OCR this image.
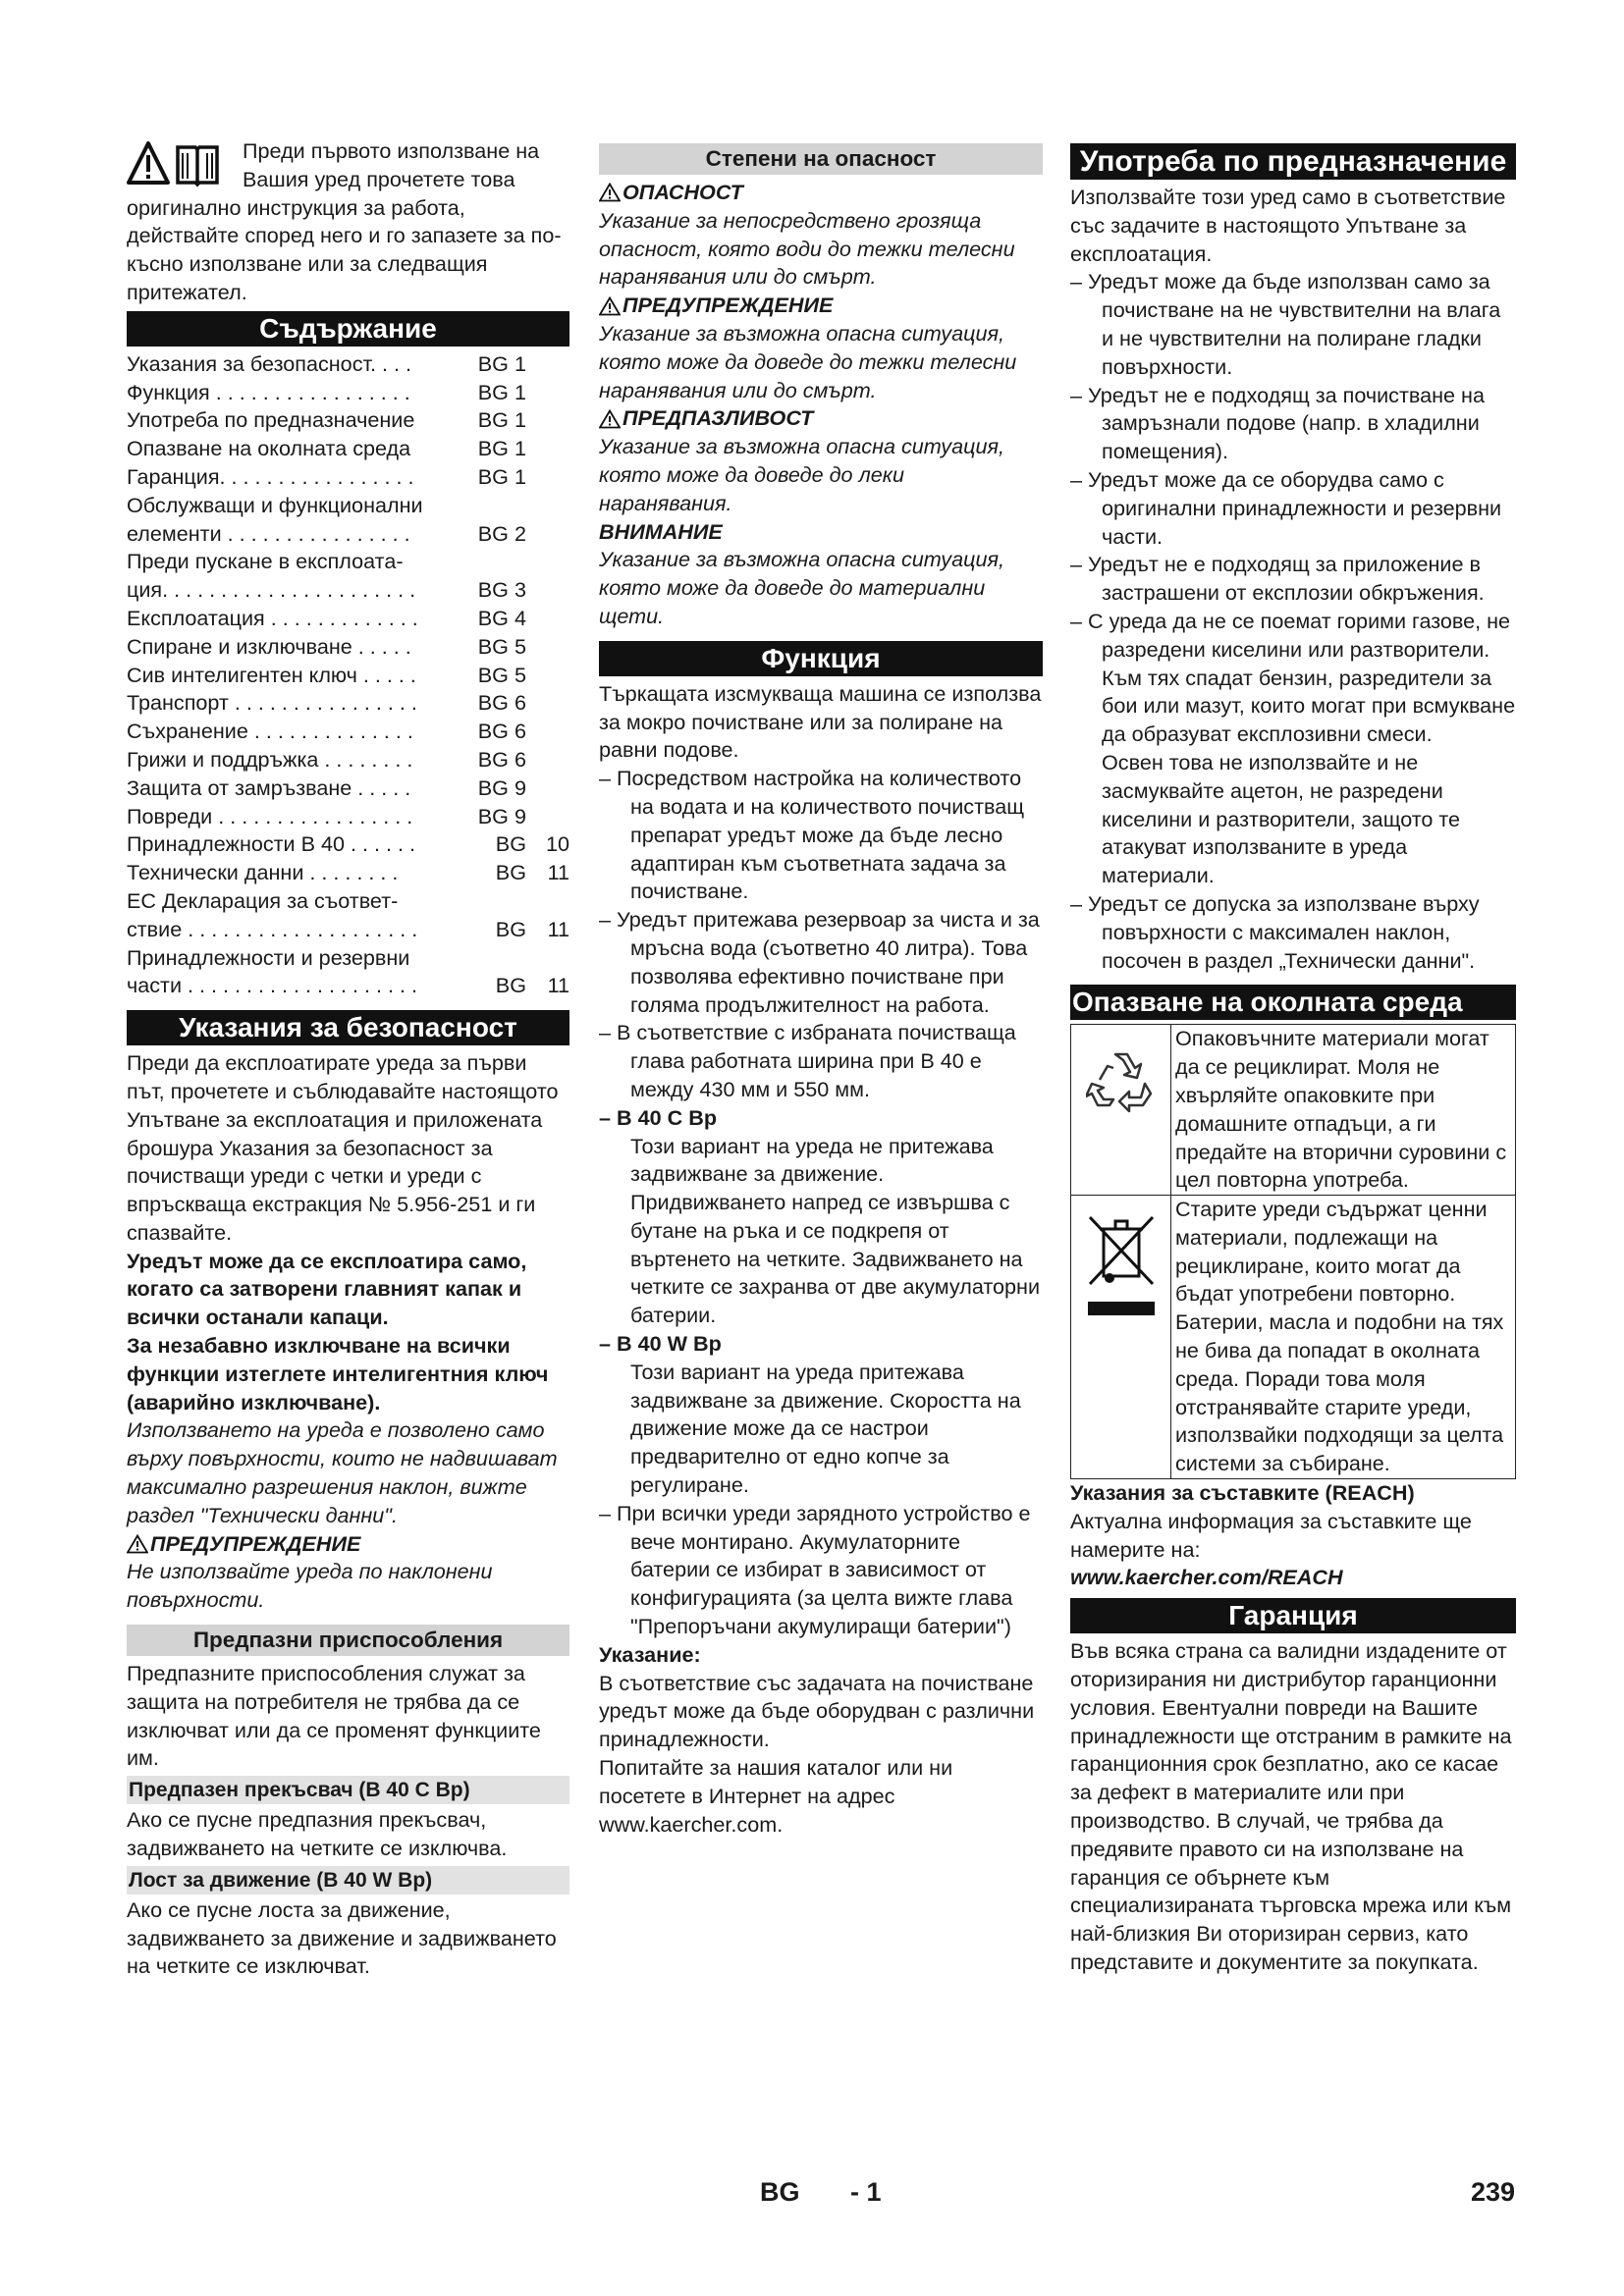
Преди първото използване на Вашия уред прочетете това оригинално инструкция за работа, действайте според него и го запазете за по-късно използване или за следващия притежател.

Съдържание
Указания за безопасност. . . .	BG 1
Функция . . . . . . . . . . . . . . . . .	BG 1
Употреба по предназначение	BG 1
Опазване на околната среда	BG 1
Гаранция. . . . . . . . . . . . . . . . .	BG 1
Обслужващи и функционални
елементи . . . . . . . . . . . . . . . .	BG 2
Преди пускане в експлоата-
ция. . . . . . . . . . . . . . . . . . . . . .	BG 3
Експлоатация . . . . . . . . . . . . .	BG 4
Спиране и изключване . . . . .	BG 5
Сив интелигентен ключ . . . . .	BG 5
Транспорт . . . . . . . . . . . . . . . .	BG 6
Съхранение . . . . . . . . . . . . . .	BG 6
Грижи и поддръжка . . . . . . . .	BG 6
Защита от замръзване . . . . .	BG 9
Повреди . . . . . . . . . . . . . . . . .	BG 9
Принадлежности В 40 . . . . . .	BG 10
Технически данни . . . . . . . .	BG 11
ЕС Декларация за съответ-
ствие . . . . . . . . . . . . . . . . . . . .	BG 11
Принадлежности и резервни
части . . . . . . . . . . . . . . . . . . . .	BG 11
Указания за безопасност

Преди да експлоатирате уреда за първи път, прочетете и съблюдавайте настоящото Упътване за експлоатация и приложената брошура Указания за безопасност за почистващи уреди с четки и уреди с впръскваща екстракция № 5.956-251 и ги спазвайте.

Уредът може да се експлоатира само, когато са затворени главният капак и всички останали капаци.

За незабавно изключване на всички функции изтеглете интелигентния ключ (аварийно изключване).

Използването на уреда е позволено само върху повърхности, които не надвишават максимално разрешения наклон, вижте раздел "Технически данни".

ПРЕДУПРЕЖДЕНИЕ

Не използвайте уреда по наклонени повърхности.

Предпазни приспособления

Предпазните приспособления служат за защита на потребителя не трябва да се изключват или да се променят функциите им.

Предпазен прекъсвач (В 40 С Вр)

Ако се пусне предпазния прекъсвач, задвижването на четките се изключва.

Лост за движение (В 40 W Bp)

Ако се пусне лоста за движение, задвижването за движение и задвижването на четките се изключват.

Степени на опасност
ОПАСНОСТ

Указание за непосредствено грозяща опасност, която води до тежки телесни наранявания или до смърт.

ПРЕДУПРЕЖДЕНИЕ

Указание за възможна опасна ситуация, която може да доведе до тежки телесни наранявания или до смърт.

ПРЕДПАЗЛИВОСТ

Указание за възможна опасна ситуация, която може да доведе до леки наранявания.

ВНИМАНИЕ

Указание за възможна опасна ситуация, която може да доведе до материални щети.

Функция

Търкащата изсмукваща машина се използва за мокро почистване или за полиране на равни подове.

– Посредством настройка на количеството на водата и на количеството почистващ препарат уредът може да бъде лесно адаптиран към съответната задача за почистване.
– Уредът притежава резервоар за чиста и за мръсна вода (съответно 40 литра). Това позволява ефективно почистване при голяма продължителност на работа.
– В съответствие с избраната почистваща глава работната ширина при В 40 е между 430 мм и 550 мм.
– В 40 С Вр

Този вариант на уреда не притежава задвижване за движение. Придвижването напред се извършва с бутане на ръка и се подкрепя от въртенето на четките. Задвижването на четките се захранва от две акумулаторни батерии.

– В 40 W Bp

Този вариант на уреда притежава задвижване за движение. Скоростта на движение може да се настрои предварително от едно копче за регулиране.

– При всички уреди зарядното устройство е вече монтирано. Акумулаторните батерии се избират в зависимост от конфигурацията (за целта вижте глава "Препоръчани акумулиращи батерии")

Указание:

В съответствие със задачата на почистване уредът може да бъде оборудван с различни принадлежности.

Попитайте за нашия каталог или ни посетете в Интернет на адрес www.kaercher.com.

Употреба по предназначение

Използвайте този уред само в съответствие със задачите в настоящото Упътване за експлоатация.

– Уредът може да бъде използван само за почистване на не чувствителни на влага и не чувствителни на полиране гладки повърхности.
– Уредът не е подходящ за почистване на замръзнали подове (напр. в хладилни помещения).
– Уредът може да се оборудва само с оригинални принадлежности и резервни части.
– Уредът не е подходящ за приложение в застрашени от експлозии обкръжения.
– С уреда да не се поемат горими газове, не разредени киселини или разтворители.

Към тях спадат бензин, разредители за бои или мазут, които могат при всмукване да образуват експлозивни смеси.

Освен това не използвайте и не засмуквайте ацетон, не разредени киселини и разтворители, защото те атакуват използваните в уреда материали.

– Уредът се допуска за използване върху повърхности с максимален наклон, посочен в раздел „Технически данни".
Опазване на околната среда
	Опаковъчните материали могат да се рециклират. Моля не хвърляйте опаковките при домашните отпадъци, а ги предайте на вторични суровини с цел повторна употреба.
	Старите уреди съдържат ценни материали, подлежащи на рециклиране, които могат да бъдат употребени повторно. Батерии, масла и подобни на тях не бива да попадат в околната среда. Поради това моля отстранявайте старите уреди, използвайки подходящи за целта системи за събиране.

Указания за съставките (REACH)

Актуална информация за съставките ще намерите на:

www.kaercher.com/REACH

Гаранция

Във всяка страна са валидни издадените от оторизирания ни дистрибутор гаранционни условия. Евентуални повреди на Вашите принадлежности ще отстраним в рамките на гаранционния срок безплатно, ако се касае за дефект в материалите или при производство. В случай, че трябва да предявите правото си на използване на гаранция се обърнете към специализираната търговска мрежа или към най-близкия Ви оторизиран сервиз, като представите и документите за покупката.

BG - 1	239
